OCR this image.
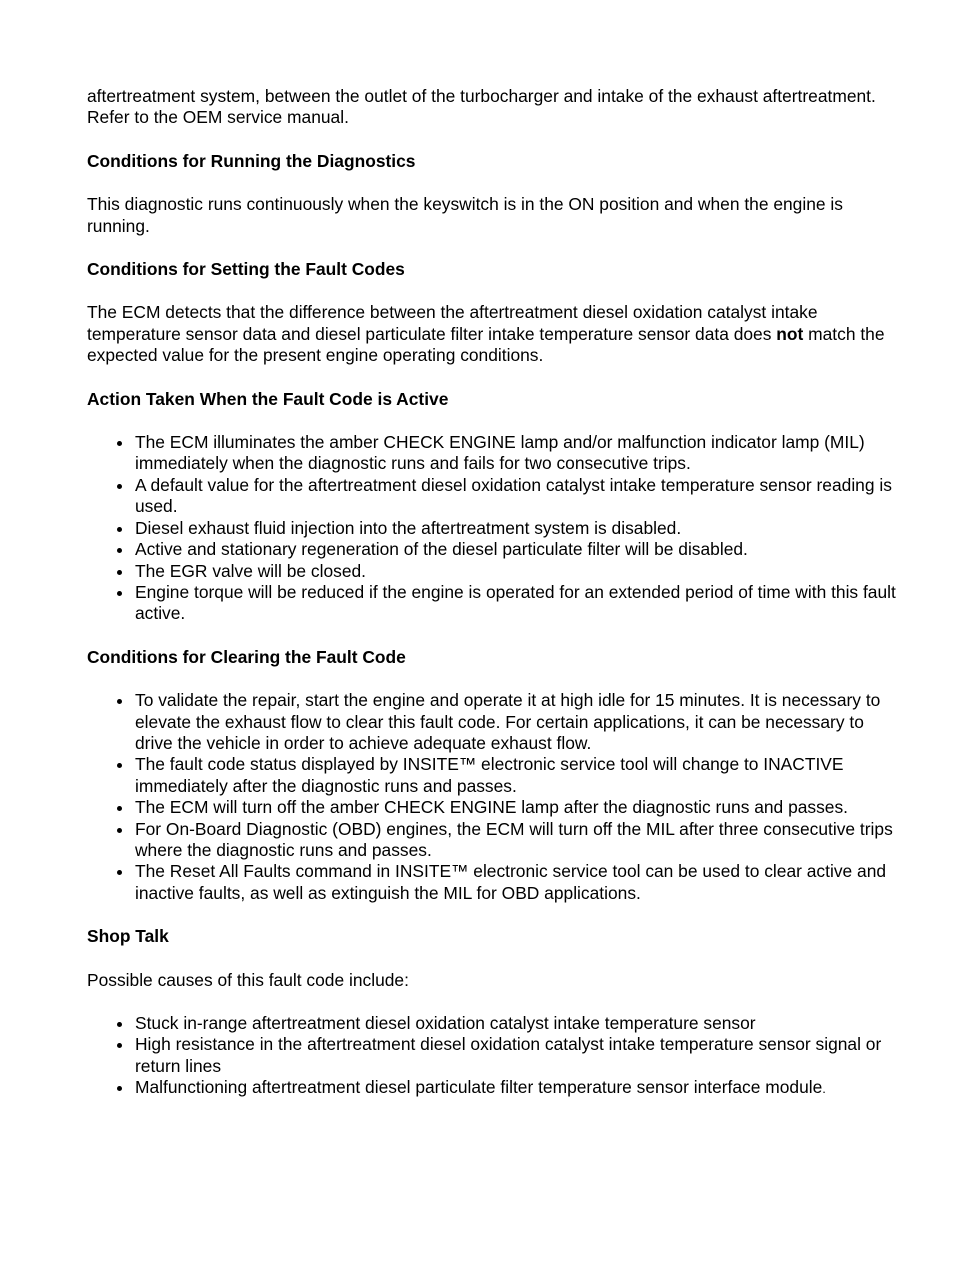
aftertreatment system, between the outlet of the turbocharger and intake of the exhaust aftertreatment. Refer to the OEM service manual.

Conditions for Running the Diagnostics

This diagnostic runs continuously when the keyswitch is in the ON position and when the engine is running.

Conditions for Setting the Fault Codes

The ECM detects that the difference between the aftertreatment diesel oxidation catalyst intake temperature sensor data and diesel particulate filter intake temperature sensor data does not match the expected value for the present engine operating conditions.

Action Taken When the Fault Code is Active
The ECM illuminates the amber CHECK ENGINE lamp and/or malfunction indicator lamp (MIL) immediately when the diagnostic runs and fails for two consecutive trips.
A default value for the aftertreatment diesel oxidation catalyst intake temperature sensor reading is used.
Diesel exhaust fluid injection into the aftertreatment system is disabled.
Active and stationary regeneration of the diesel particulate filter will be disabled.
The EGR valve will be closed.
Engine torque will be reduced if the engine is operated for an extended period of time with this fault active.
Conditions for Clearing the Fault Code
To validate the repair, start the engine and operate it at high idle for 15 minutes. It is necessary to elevate the exhaust flow to clear this fault code. For certain applications, it can be necessary to drive the vehicle in order to achieve adequate exhaust flow.
The fault code status displayed by INSITE™ electronic service tool will change to INACTIVE immediately after the diagnostic runs and passes.
The ECM will turn off the amber CHECK ENGINE lamp after the diagnostic runs and passes.
For On-Board Diagnostic (OBD) engines, the ECM will turn off the MIL after three consecutive trips where the diagnostic runs and passes.
The Reset All Faults command in INSITE™ electronic service tool can be used to clear active and inactive faults, as well as extinguish the MIL for OBD applications.
Shop Talk

Possible causes of this fault code include:

Stuck in-range aftertreatment diesel oxidation catalyst intake temperature sensor
High resistance in the aftertreatment diesel oxidation catalyst intake temperature sensor signal or return lines
Malfunctioning aftertreatment diesel particulate filter temperature sensor interface module.
